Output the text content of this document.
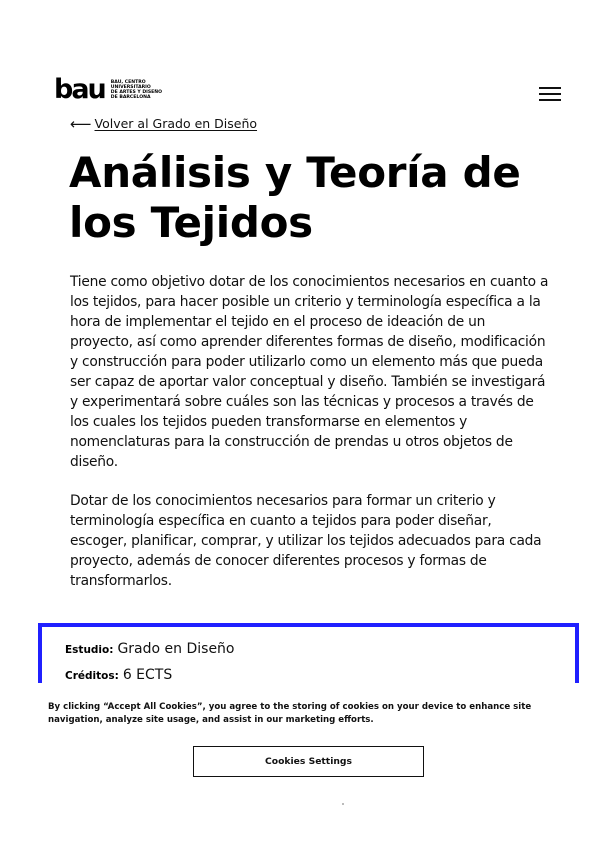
bau BAU, CENTRO
UNIVERSITARIO
DE ARTES Y DISEÑO
DE BARCELONA
⟵ Volver al Grado en Diseño
Análisis y Teoría de
los Tejidos

Tiene como objetivo dotar de los conocimientos necesarios en cuanto a los tejidos, para hacer posible un criterio y terminología específica a la hora de implementar el tejido en el proceso de ideación de un proyecto, así como aprender diferentes formas de diseño, modificación y construcción para poder utilizarlo como un elemento más que pueda ser capaz de aportar valor conceptual y diseño. También se investigará y experimentará sobre cuáles son las técnicas y procesos a través de los cuales los tejidos pueden transformarse en elementos y nomenclaturas para la construcción de prendas u otros objetos de diseño.

Dotar de los conocimientos necesarios para formar un criterio y terminología específica en cuanto a tejidos para poder diseñar, escoger, planificar, comprar, y utilizar los tejidos adecuados para cada proyecto, además de conocer diferentes procesos y formas de transformarlos.

Estudio: Grado en Diseño
Créditos: 6 ECTS

By clicking “Accept All Cookies”, you agree to the storing of cookies on your device to enhance site navigation, analyze site usage, and assist in our marketing efforts.

Cookies Settings
